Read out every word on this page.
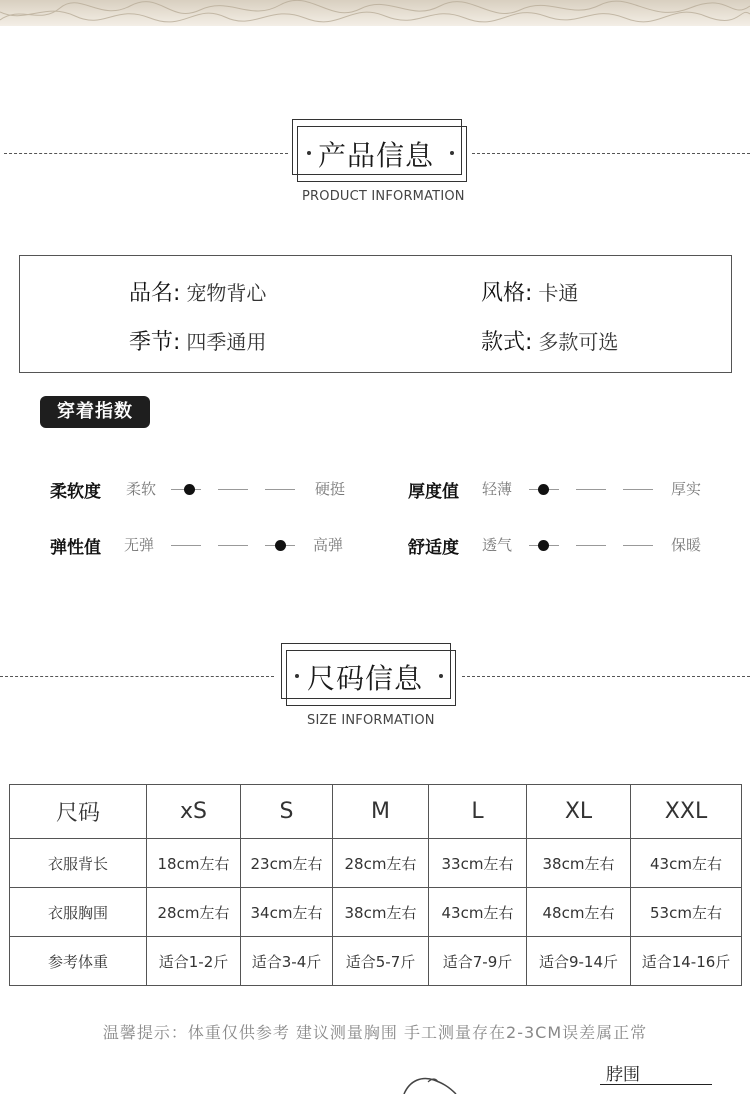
产品信息
PRODUCT INFORMATION
品名: 宠物背心	风格: 卡通
季节: 四季通用	款式: 多款可选
穿着指数
柔软度 柔软	硬挺	厚度值 轻薄	厚实
弹性值 无弹	高弹	舒适度 透气	保暖
尺码信息
SIZE INFORMATION
尺码	xS	S	M	L	XL	XXL
衣服背长	18cm左右	23cm左右	28cm左右	33cm左右	38cm左右	43cm左右
衣服胸围	28cm左右	34cm左右	38cm左右	43cm左右	48cm左右	53cm左右
参考体重	适合1-2斤	适合3-4斤	适合5-7斤	适合7-9斤	适合9-14斤	适合14-16斤
温馨提示：体重仅供参考 建议测量胸围 手工测量存在2-3CM误差属正常
脖围
